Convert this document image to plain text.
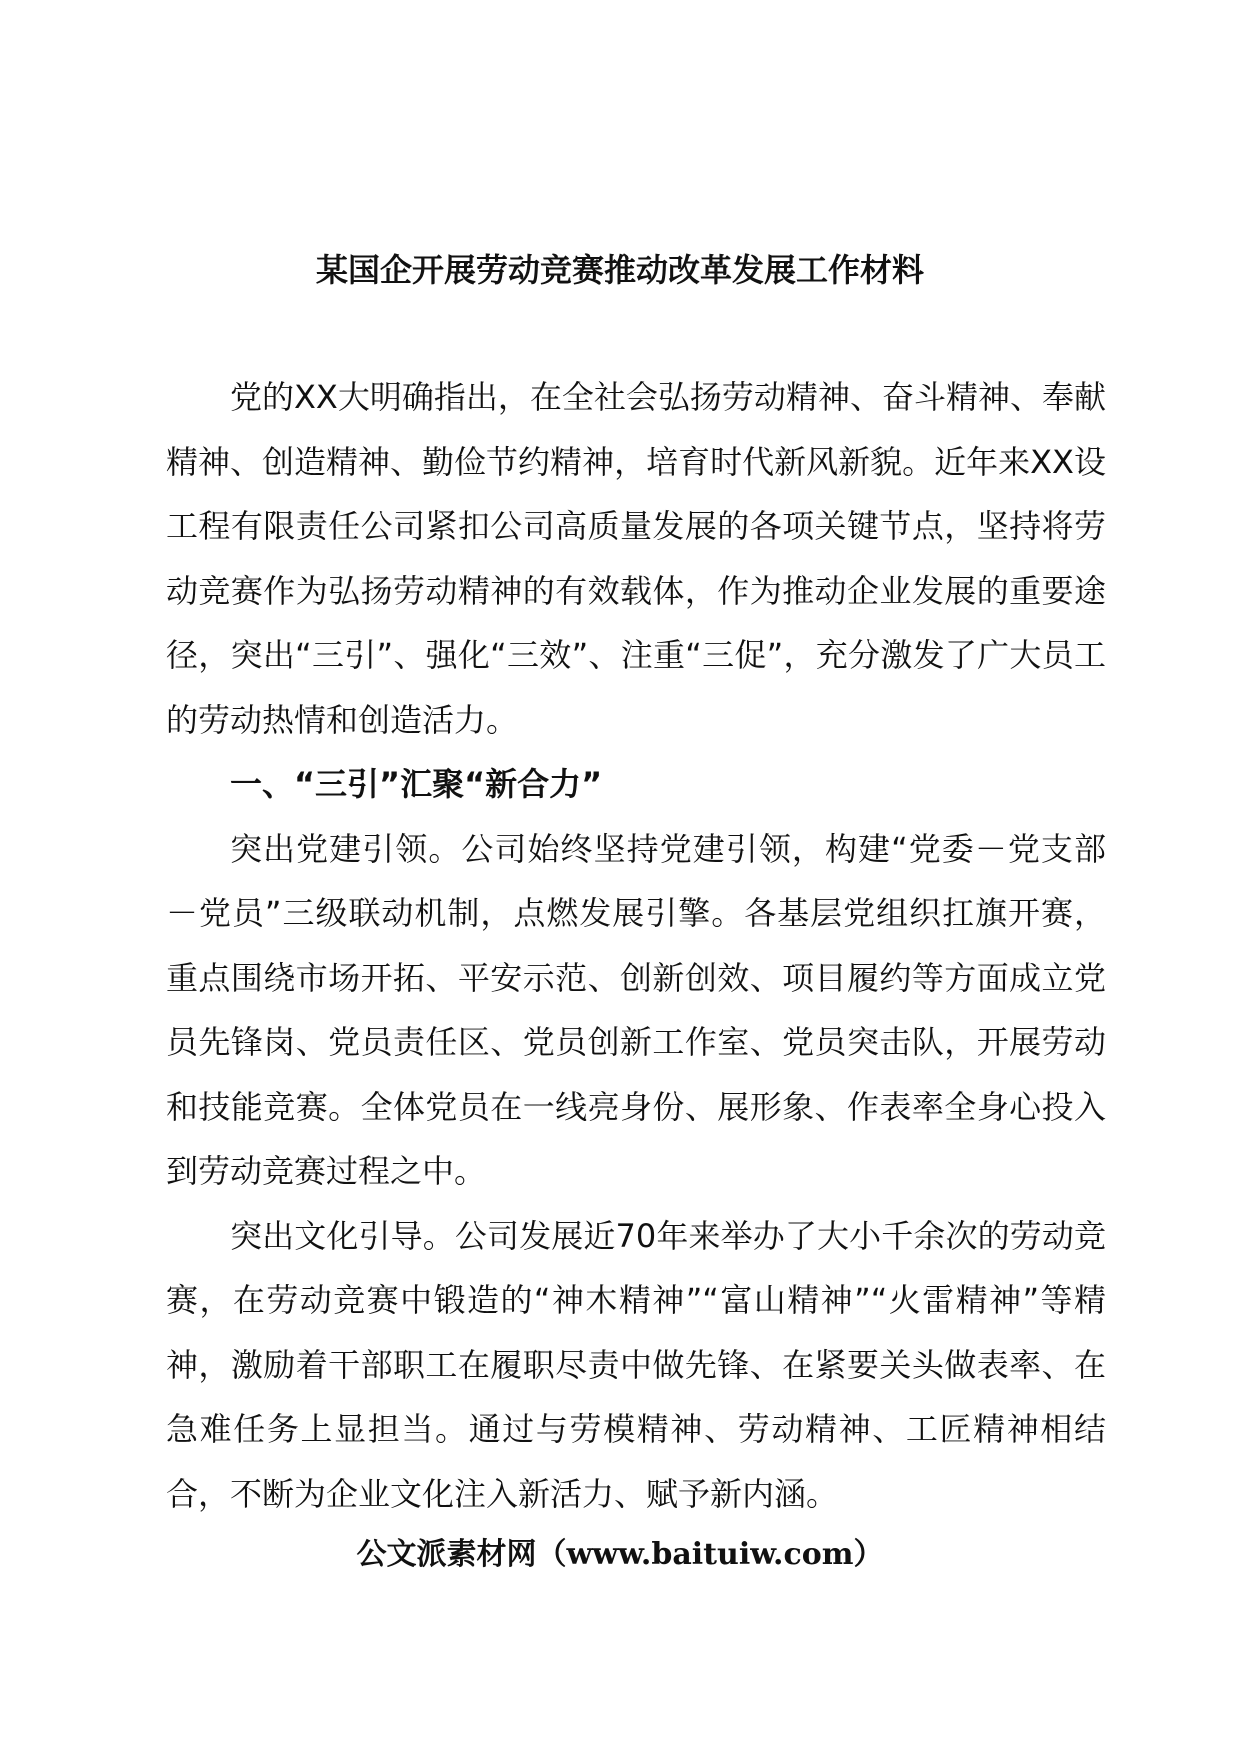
某国企开展劳动竞赛推动改革发展工作材料

党的XX大明确指出，在全社会弘扬劳动精神、奋斗精神、奉献精神、创造精神、勤俭节约精神，培育时代新风新貌。近年来XX设工程有限责任公司紧扣公司高质量发展的各项关键节点，坚持将劳动竞赛作为弘扬劳动精神的有效载体，作为推动企业发展的重要途径，突出“三引”、强化“三效”、注重“三促”，充分激发了广大员工的劳动热情和创造活力。

一、“三引”汇聚“新合力”

突出党建引领。公司始终坚持党建引领，构建“党委－党支部－党员”三级联动机制，点燃发展引擎。各基层党组织扛旗开赛，重点围绕市场开拓、平安示范、创新创效、项目履约等方面成立党员先锋岗、党员责任区、党员创新工作室、党员突击队，开展劳动和技能竞赛。全体党员在一线亮身份、展形象、作表率全身心投入到劳动竞赛过程之中。

突出文化引导。公司发展近70年来举办了大小千余次的劳动竞赛，在劳动竞赛中锻造的“神木精神”“富山精神”“火雷精神”等精神，激励着干部职工在履职尽责中做先锋、在紧要关头做表率、在急难任务上显担当。通过与劳模精神、劳动精神、工匠精神相结合，不断为企业文化注入新活力、赋予新内涵。

公文派素材网（www.baituiw.com）
